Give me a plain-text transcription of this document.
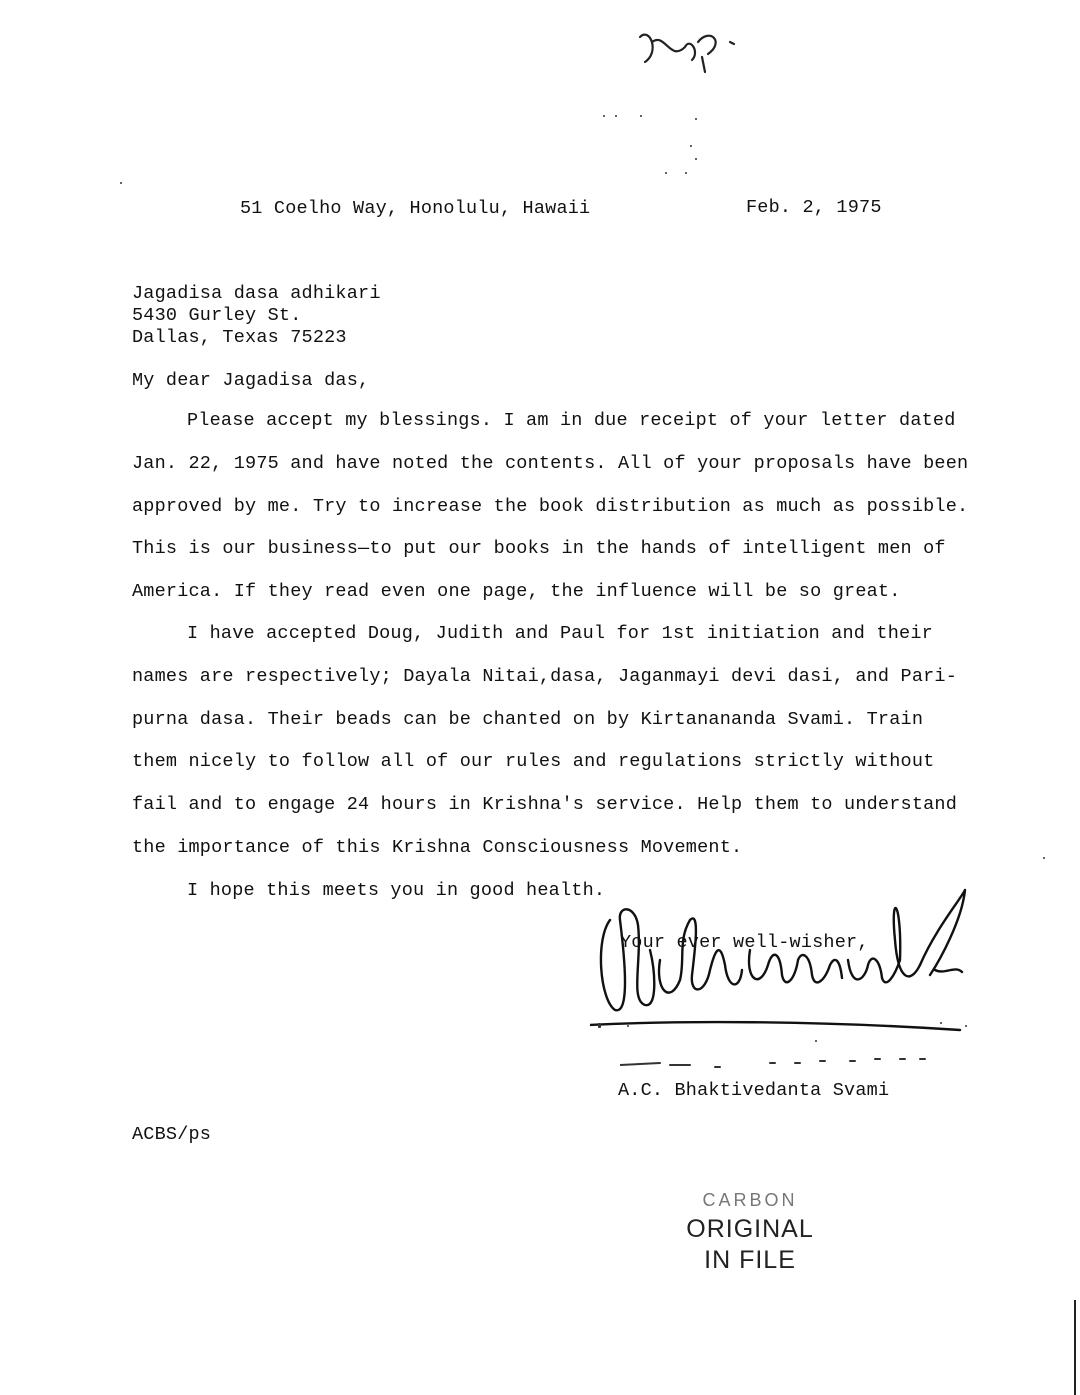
51 Coelho Way, Honolulu, Hawaii	Feb. 2, 1975
Jagadisa dasa adhikari
5430 Gurley St.
Dallas, Texas 75223
My dear Jagadisa das,
Please accept my blessings. I am in due receipt of your letter dated
Jan. 22, 1975 and have noted the contents. All of your proposals have been
approved by me. Try to increase the book distribution as much as possible.
This is our business—to put our books in the hands of intelligent men of
America. If they read even one page, the influence will be so great.
I have accepted Doug, Judith and Paul for 1st initiation and their
names are respectively; Dayala Nitai,dasa, Jaganmayi devi dasi, and Pari-
purna dasa. Their beads can be chanted on by Kirtanananda Svami. Train
them nicely to follow all of our rules and regulations strictly without
fail and to engage 24 hours in Krishna's service. Help them to understand
the importance of this Krishna Consciousness Movement.
I hope this meets you in good health.
Your ever well-wisher,
A.C. Bhaktivedanta Svami
ACBS/ps
CARBON
ORIGINAL
IN FILE
